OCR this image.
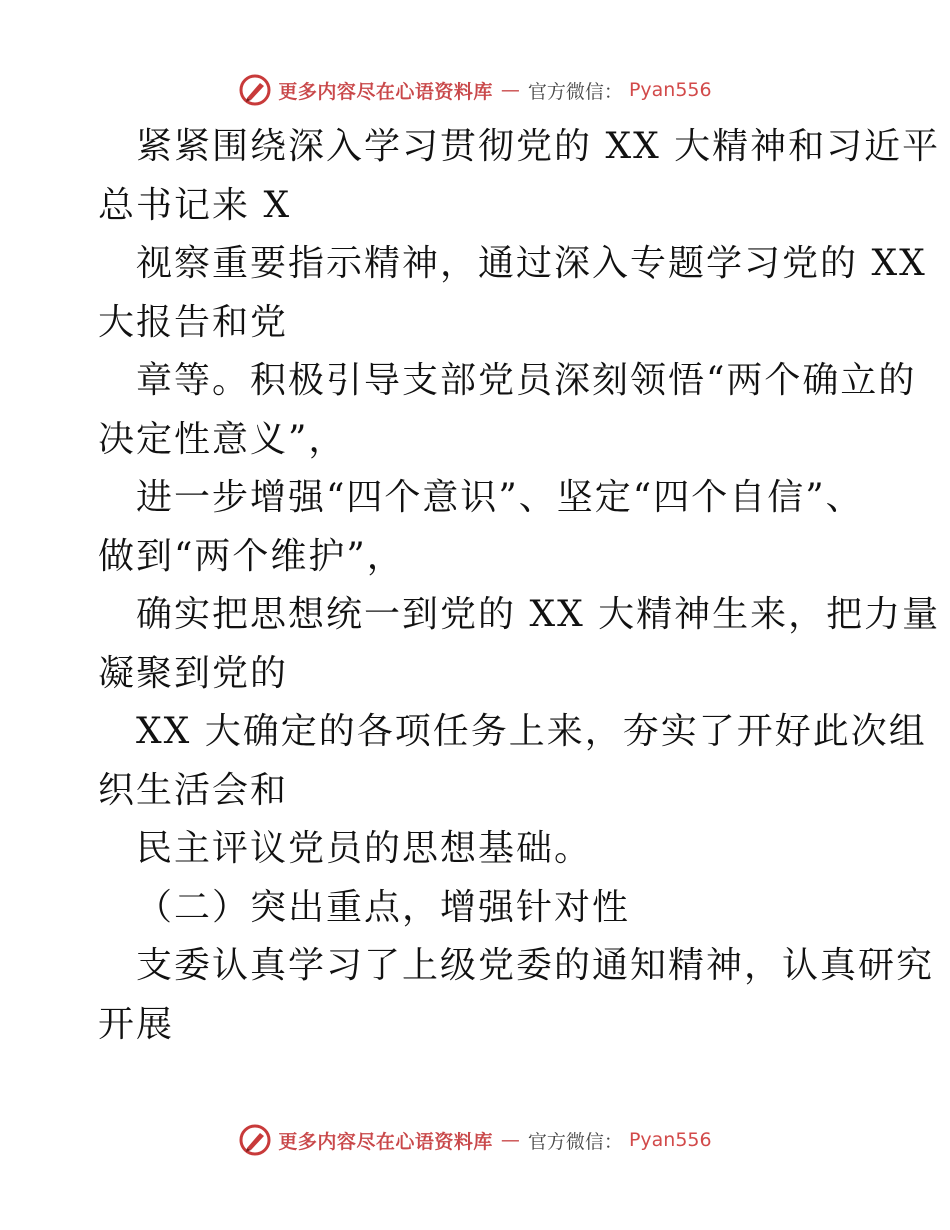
更多内容尽在心语资料库 — 官方微信： Pyan556
紧紧围绕深入学习贯彻党的 XX 大精神和习近平
总书记来 X
视察重要指示精神，通过深入专题学习党的 XX
大报告和党
章等。积极引导支部党员深刻领悟“两个确立的
决定性意义”，
进一步增强“四个意识”、坚定“四个自信”、
做到“两个维护”，
确实把思想统一到党的 XX 大精神生来，把力量
凝聚到党的
XX 大确定的各项任务上来，夯实了开好此次组
织生活会和
民主评议党员的思想基础。
（二）突出重点，增强针对性
支委认真学习了上级党委的通知精神，认真研究
开展
更多内容尽在心语资料库 — 官方微信： Pyan556
